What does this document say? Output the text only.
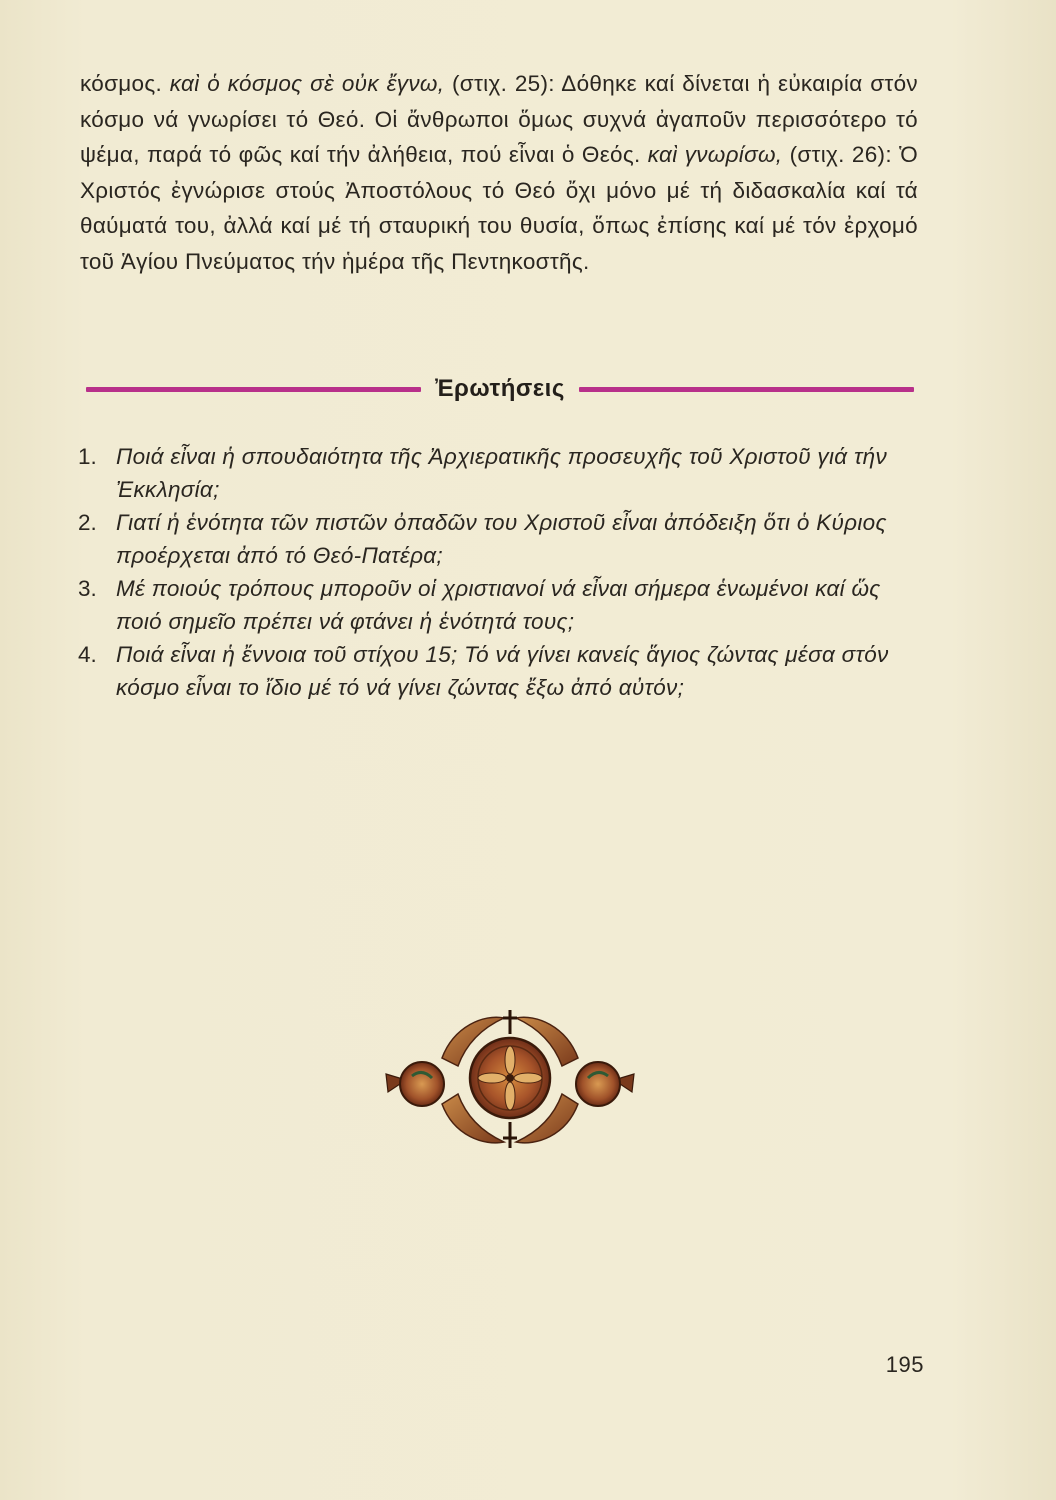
κόσμος. καὶ ὁ κόσμος σὲ οὐκ ἔγνω, (στιχ. 25): Δόθηκε καί δίνεται ἡ εὐκαιρία στόν κόσμο νά γνωρίσει τό Θεό. Οἱ ἄνθρωποι ὅμως συχνά ἀγαποῦν περισσότερο τό ψέμα, παρά τό φῶς καί τήν ἀλήθεια, πού εἶναι ὁ Θεός. καὶ γνωρίσω, (στιχ. 26): Ὁ Χριστός ἐγνώρισε στούς Ἀποστόλους τό Θεό ὄχι μόνο μέ τή διδασκαλία καί τά θαύματά του, ἀλλά καί μέ τή σταυρική του θυσία, ὅπως ἐπίσης καί μέ τόν ἐρχομό τοῦ Ἁγίου Πνεύματος τήν ἡμέρα τῆς Πεντηκοστῆς.
Ἐρωτήσεις
1. Ποιά εἶναι ἡ σπουδαιότητα τῆς Ἀρχιερατικῆς προσευχῆς τοῦ Χριστοῦ γιά τήν Ἐκκλησία;
2. Γιατί ἡ ἑνότητα τῶν πιστῶν ὀπαδῶν του Χριστοῦ εἶναι ἀπόδειξη ὅτι ὁ Κύριος προέρχεται ἀπό τό Θεό-Πατέρα;
3. Μέ ποιούς τρόπους μποροῦν οἱ χριστιανοί νά εἶναι σήμερα ἑνωμένοι καί ὥς ποιό σημεῖο πρέπει νά φτάνει ἡ ἑνότητά τους;
4. Ποιά εἶναι ἡ ἔννοια τοῦ στίχου 15; Τό νά γίνει κανείς ἅγιος ζώντας μέσα στόν κόσμο εἶναι το ἴδιο μέ τό νά γίνει ζώντας ἔξω ἀπό αὐτόν;
195
